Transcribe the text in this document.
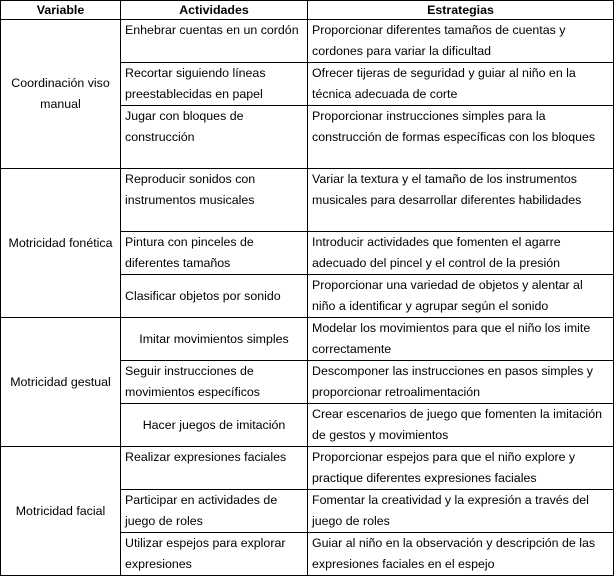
Variable	Actividades	Estrategias
Coordinación viso manual	Enhebrar cuentas en un cordón	Proporcionar diferentes tamaños de cuentas y cordones para variar la dificultad
	Recortar siguiendo líneas preestablecidas en papel	Ofrecer tijeras de seguridad y guiar al niño en la técnica adecuada de corte
	Jugar con bloques de construcción	Proporcionar instrucciones simples para la construcción de formas específicas con los bloques
Motricidad fonética	Reproducir sonidos con instrumentos musicales	Variar la textura y el tamaño de los instrumentos musicales para desarrollar diferentes habilidades
	Pintura con pinceles de diferentes tamaños	Introducir actividades que fomenten el agarre adecuado del pincel y el control de la presión
	Clasificar objetos por sonido	Proporcionar una variedad de objetos y alentar al niño a identificar y agrupar según el sonido
Motricidad gestual	Imitar movimientos simples	Modelar los movimientos para que el niño los imite correctamente
	Seguir instrucciones de movimientos específicos	Descomponer las instrucciones en pasos simples y proporcionar retroalimentación
	Hacer juegos de imitación	Crear escenarios de juego que fomenten la imitación de gestos y movimientos
Motricidad facial	Realizar expresiones faciales	Proporcionar espejos para que el niño explore y practique diferentes expresiones faciales
	Participar en actividades de juego de roles	Fomentar la creatividad y la expresión a través del juego de roles
	Utilizar espejos para explorar expresiones	Guiar al niño en la observación y descripción de las expresiones faciales en el espejo
